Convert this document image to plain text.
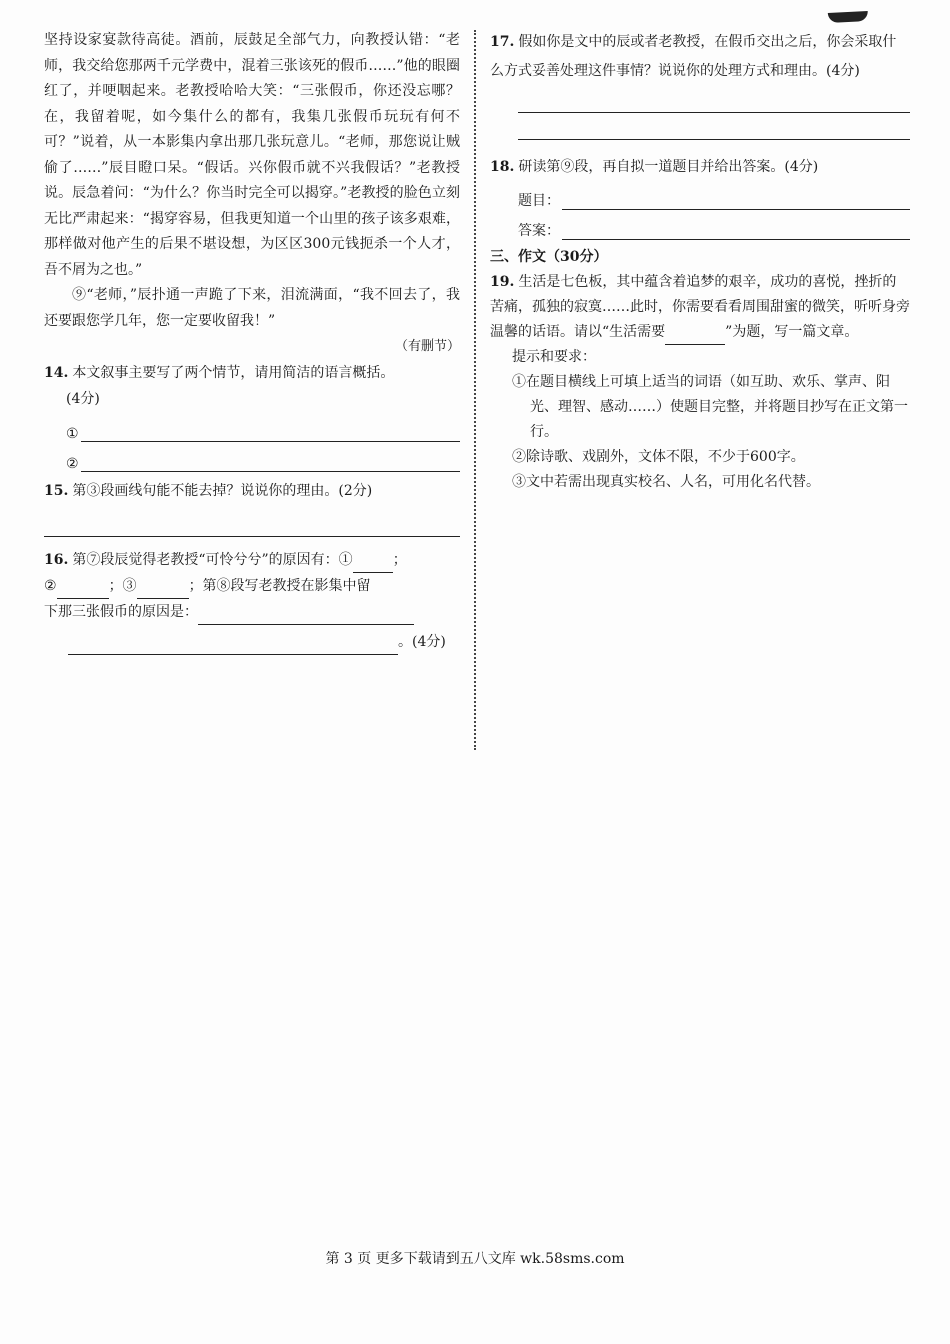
坚持设家宴款待高徒。酒前，辰鼓足全部气力，向教授认错：“老师，我交给您那两千元学费中，混着三张该死的假币……”他的眼圈红了，并哽咽起来。老教授哈哈大笑：“三张假币，你还没忘哪？在，我留着呢，如今集什么的都有，我集几张假币玩玩有何不可？”说着，从一本影集内拿出那几张玩意儿。“老师，那您说让贼偷了……”辰目瞪口呆。“假话。兴你假币就不兴我假话？”老教授说。辰急着问：“为什么？你当时完全可以揭穿。”老教授的脸色立刻无比严肃起来：“揭穿容易，但我更知道一个山里的孩子该多艰难，那样做对他产生的后果不堪设想，为区区300元钱扼杀一个人才，吾不屑为之也。”

⑨“老师，”辰扑通一声跪了下来，泪流满面，“我不回去了，我还要跟您学几年，您一定要收留我！”

（有删节）

14. 本文叙事主要写了两个情节，请用简洁的语言概括。

(4分)

①
②

15. 第③段画线句能不能去掉？说说你的理由。(2分)

16. 第⑦段辰觉得老教授“可怜兮兮”的原因有：①	；
②	；③	；第⑧段写老教授在影集中留
下那三张假币的原因是：

。(4分)

17. 假如你是文中的辰或者老教授，在假币交出之后，你会采取什么方式妥善处理这件事情？说说你的处理方式和理由。(4分)

18. 研读第⑨段，再自拟一道题目并给出答案。(4分)

题目：
答案：

三、作文（30分）

19. 生活是七色板，其中蕴含着追梦的艰辛，成功的喜悦，挫折的苦痛，孤独的寂寞……此时，你需要看看周围甜蜜的微笑，听听身旁温馨的话语。请以“生活需要	”为题，写一篇文章。

提示和要求：

①在题目横线上可填上适当的词语（如互助、欢乐、掌声、阳光、理智、感动……）使题目完整，并将题目抄写在正文第一行。

②除诗歌、戏剧外，文体不限，不少于600字。

③文中若需出现真实校名、人名，可用化名代替。

第 3 页 更多下载请到五八文库 wk.58sms.com
